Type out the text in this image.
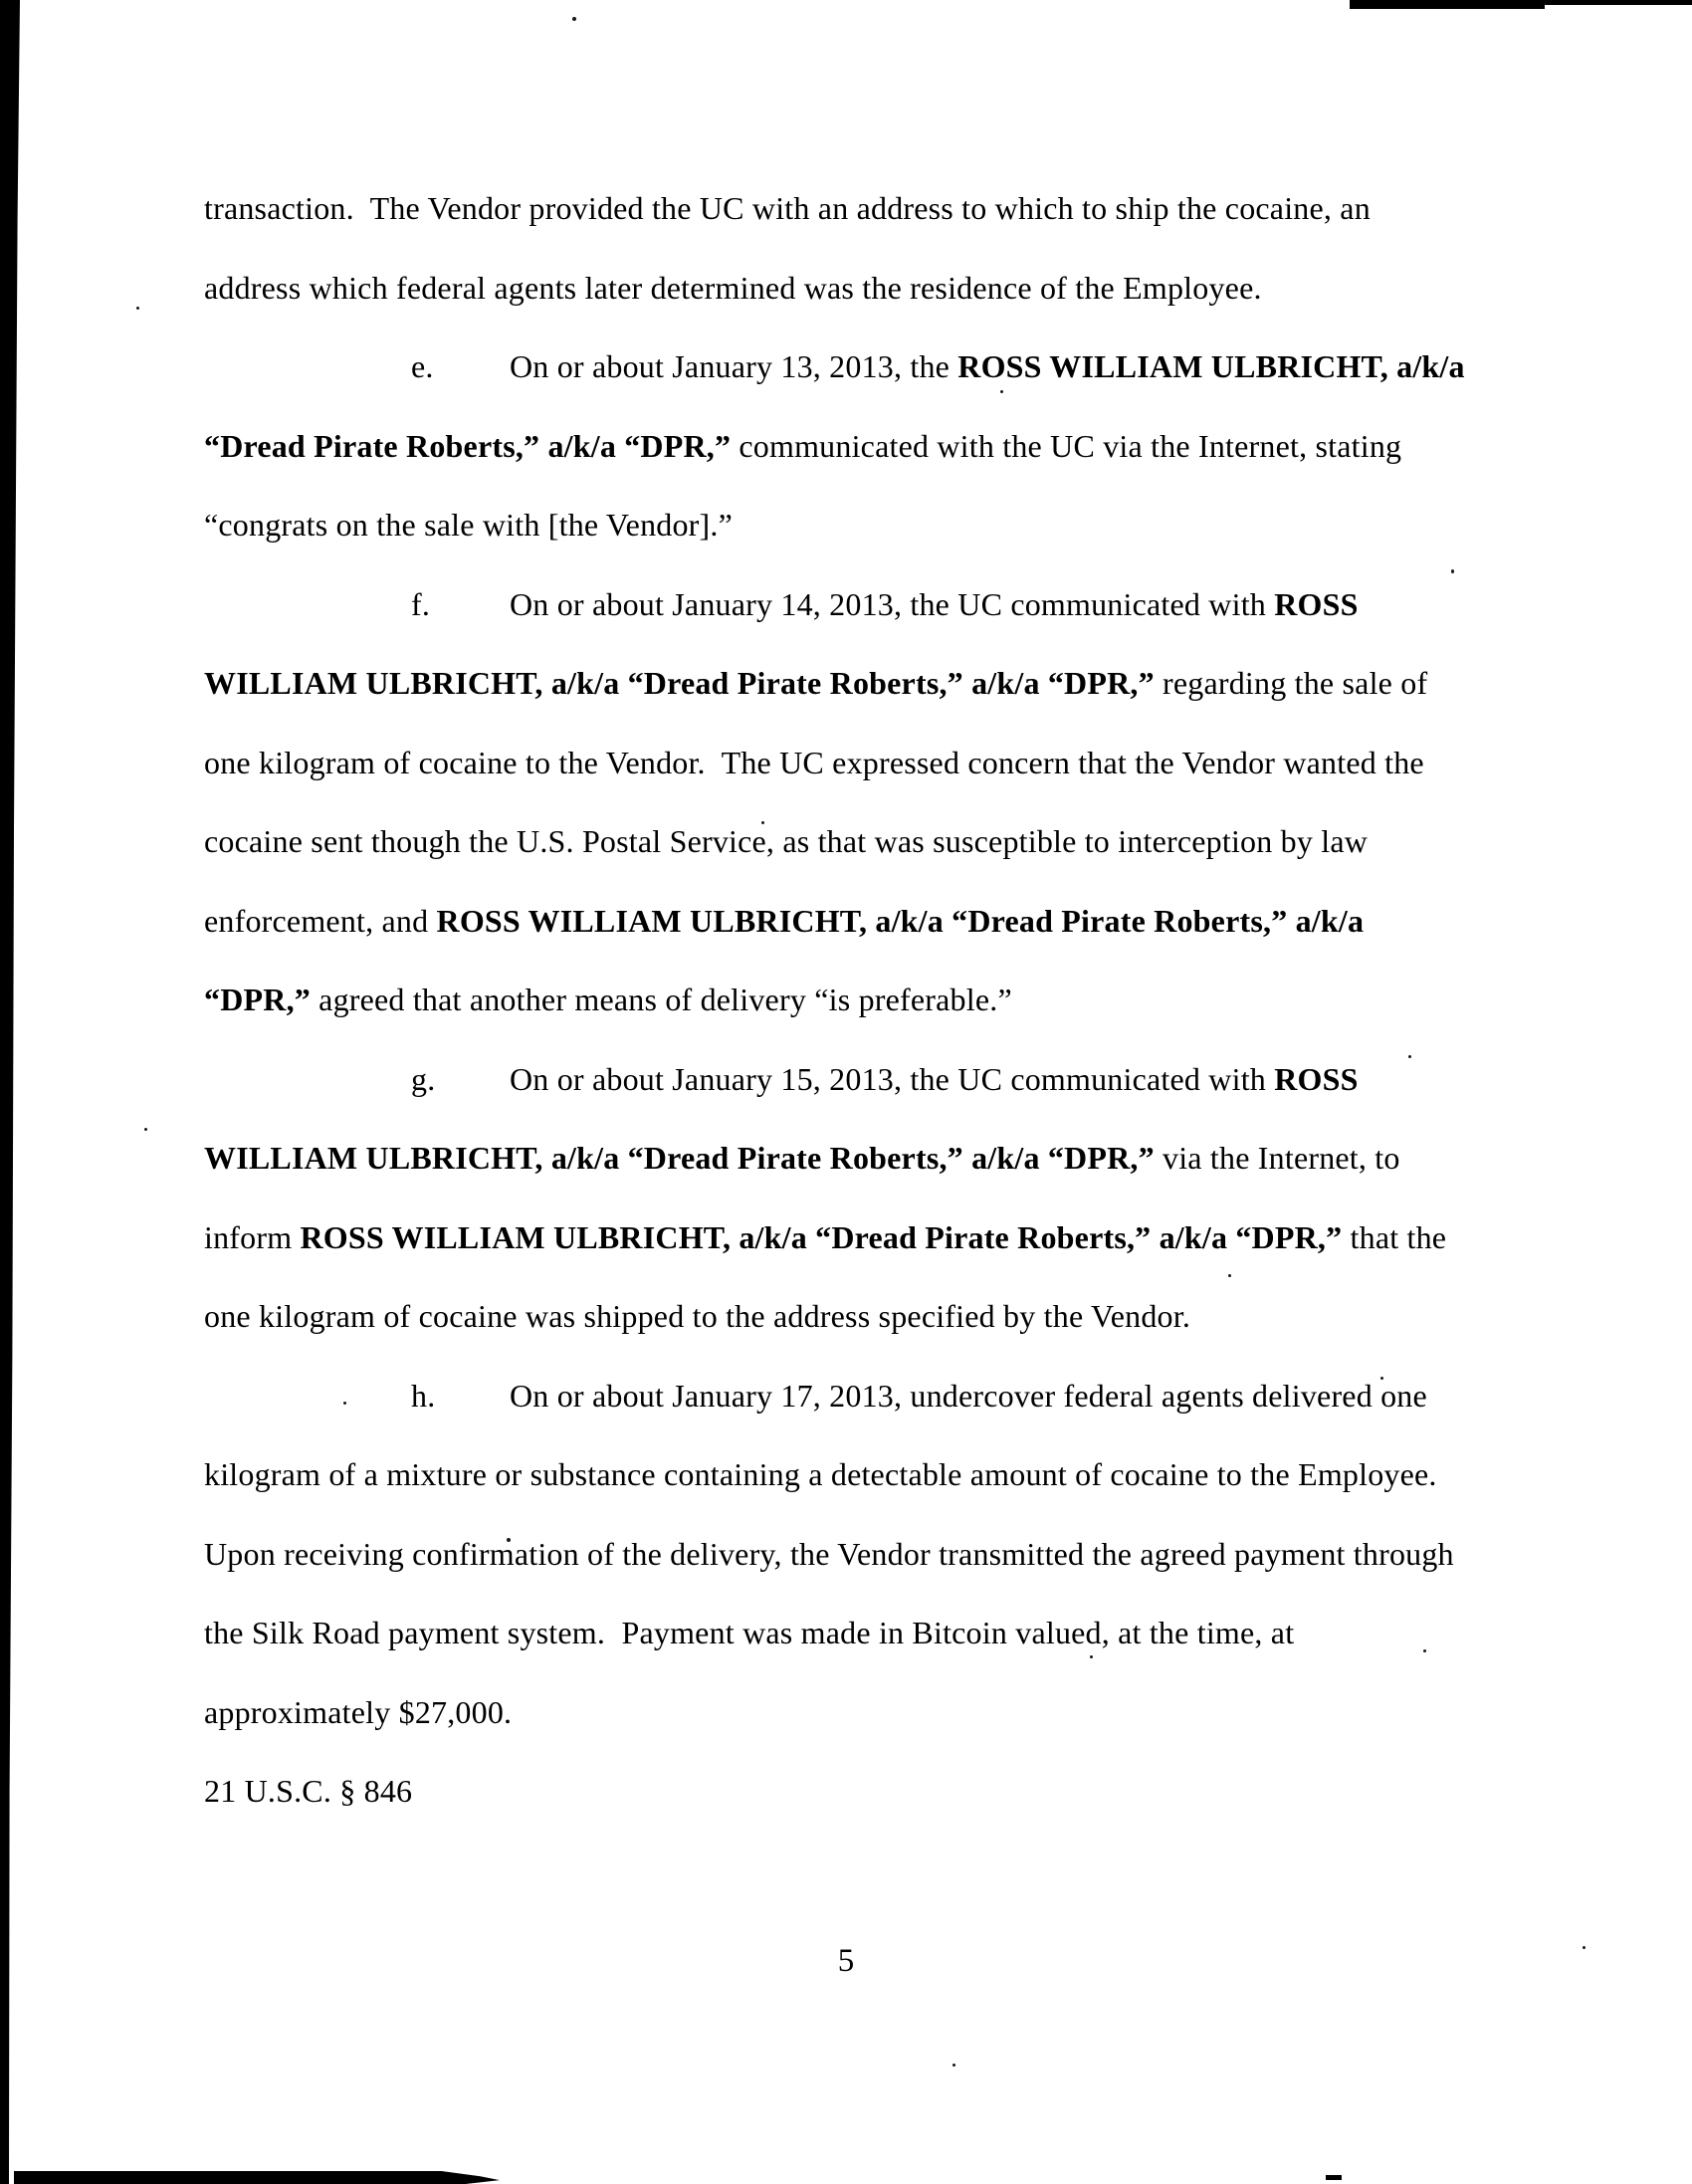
transaction.  The Vendor provided the UC with an address to which to ship the cocaine, an

address which federal agents later determined was the residence of the Employee.

e. On or about January 13, 2013, the ROSS WILLIAM ULBRICHT, a/k/a

“Dread Pirate Roberts,” a/k/a “DPR,” communicated with the UC via the Internet, stating

“congrats on the sale with [the Vendor].”

f. On or about January 14, 2013, the UC communicated with ROSS

WILLIAM ULBRICHT, a/k/a “Dread Pirate Roberts,” a/k/a “DPR,” regarding the sale of

one kilogram of cocaine to the Vendor.  The UC expressed concern that the Vendor wanted the

cocaine sent though the U.S. Postal Service, as that was susceptible to interception by law

enforcement, and ROSS WILLIAM ULBRICHT, a/k/a “Dread Pirate Roberts,” a/k/a

“DPR,” agreed that another means of delivery “is preferable.”

g. On or about January 15, 2013, the UC communicated with ROSS

WILLIAM ULBRICHT, a/k/a “Dread Pirate Roberts,” a/k/a “DPR,” via the Internet, to

inform ROSS WILLIAM ULBRICHT, a/k/a “Dread Pirate Roberts,” a/k/a “DPR,” that the

one kilogram of cocaine was shipped to the address specified by the Vendor.

h. On or about January 17, 2013, undercover federal agents delivered one

kilogram of a mixture or substance containing a detectable amount of cocaine to the Employee.

Upon receiving confirmation of the delivery, the Vendor transmitted the agreed payment through

the Silk Road payment system.  Payment was made in Bitcoin valued, at the time, at

approximately $27,000.

21 U.S.C. § 846

5
